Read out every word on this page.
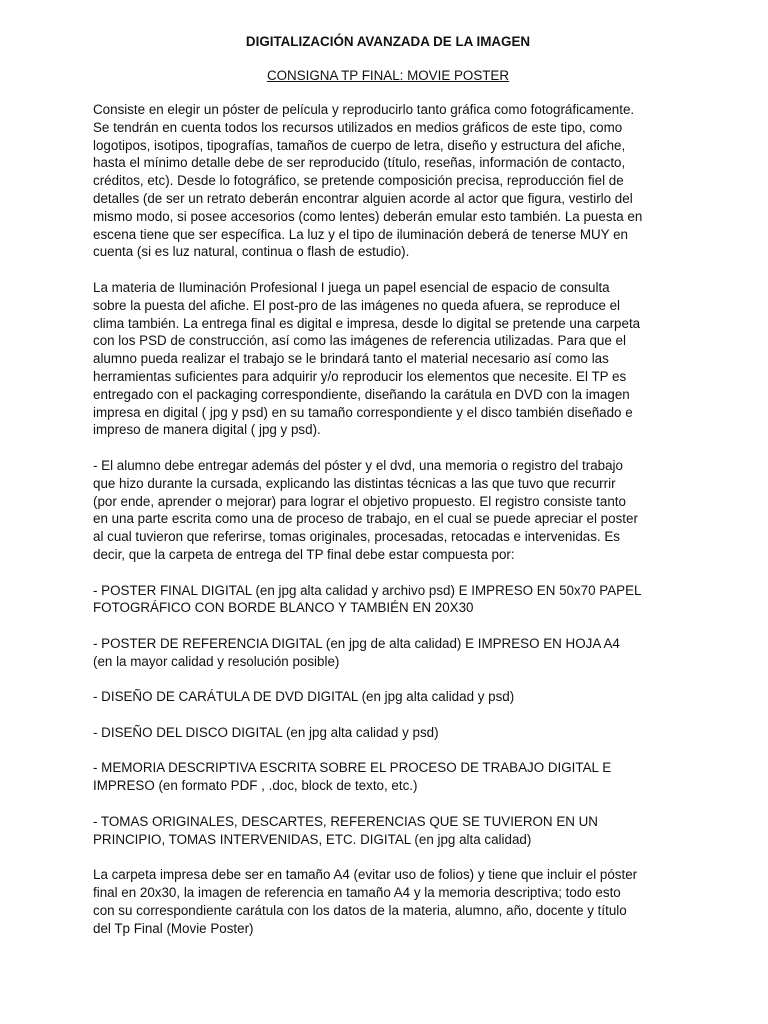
DIGITALIZACIÓN AVANZADA DE LA IMAGEN
CONSIGNA TP FINAL: MOVIE POSTER

Consiste en elegir un póster de película y reproducirlo tanto gráfica como fotográficamente.
Se tendrán en cuenta todos los recursos utilizados en medios gráficos de este tipo, como
logotipos, isotipos, tipografías, tamaños de cuerpo de letra, diseño y estructura del afiche,
hasta el mínimo detalle debe de ser reproducido (título, reseñas, información de contacto,
créditos, etc). Desde lo fotográfico, se pretende composición precisa, reproducción fiel de
detalles (de ser un retrato deberán encontrar alguien acorde al actor que figura, vestirlo del
mismo modo, si posee accesorios (como lentes) deberán emular esto también. La puesta en
escena tiene que ser específica. La luz y el tipo de iluminación deberá de tenerse MUY en
cuenta (si es luz natural, continua o flash de estudio).

La materia de Iluminación Profesional I juega un papel esencial de espacio de consulta
sobre la puesta del afiche. El post-pro de las imágenes no queda afuera, se reproduce el
clima también. La entrega final es digital e impresa, desde lo digital se pretende una carpeta
con los PSD de construcción, así como las imágenes de referencia utilizadas. Para que el
alumno pueda realizar el trabajo se le brindará tanto el material necesario así como las
herramientas suficientes para adquirir y/o reproducir los elementos que necesite. El TP es
entregado con el packaging correspondiente, diseñando la carátula en DVD con la imagen
impresa en digital ( jpg y psd) en su tamaño correspondiente y el disco también diseñado e
impreso de manera digital ( jpg y psd).

- El alumno debe entregar además del póster y el dvd, una memoria o registro del trabajo
que hizo durante la cursada, explicando las distintas técnicas a las que tuvo que recurrir
(por ende, aprender o mejorar) para lograr el objetivo propuesto. El registro consiste tanto
en una parte escrita como una de proceso de trabajo, en el cual se puede apreciar el poster
al cual tuvieron que referirse, tomas originales, procesadas, retocadas e intervenidas. Es
decir, que la carpeta de entrega del TP final debe estar compuesta por:

- POSTER FINAL DIGITAL (en jpg alta calidad y archivo psd) E IMPRESO EN 50x70 PAPEL
FOTOGRÁFICO CON BORDE BLANCO Y TAMBIÉN EN 20X30

- POSTER DE REFERENCIA DIGITAL (en jpg de alta calidad) E IMPRESO EN HOJA A4
(en la mayor calidad y resolución posible)

- DISEÑO DE CARÁTULA DE DVD DIGITAL (en jpg alta calidad y psd)

- DISEÑO DEL DISCO DIGITAL (en jpg alta calidad y psd)

- MEMORIA DESCRIPTIVA ESCRITA SOBRE EL PROCESO DE TRABAJO DIGITAL E
IMPRESO (en formato PDF , .doc, block de texto, etc.)

- TOMAS ORIGINALES, DESCARTES, REFERENCIAS QUE SE TUVIERON EN UN
PRINCIPIO, TOMAS INTERVENIDAS, ETC. DIGITAL (en jpg alta calidad)

La carpeta impresa debe ser en tamaño A4 (evitar uso de folios) y tiene que incluir el póster
final en 20x30, la imagen de referencia en tamaño A4 y la memoria descriptiva; todo esto
con su correspondiente carátula con los datos de la materia, alumno, año, docente y título
del Tp Final (Movie Poster)
